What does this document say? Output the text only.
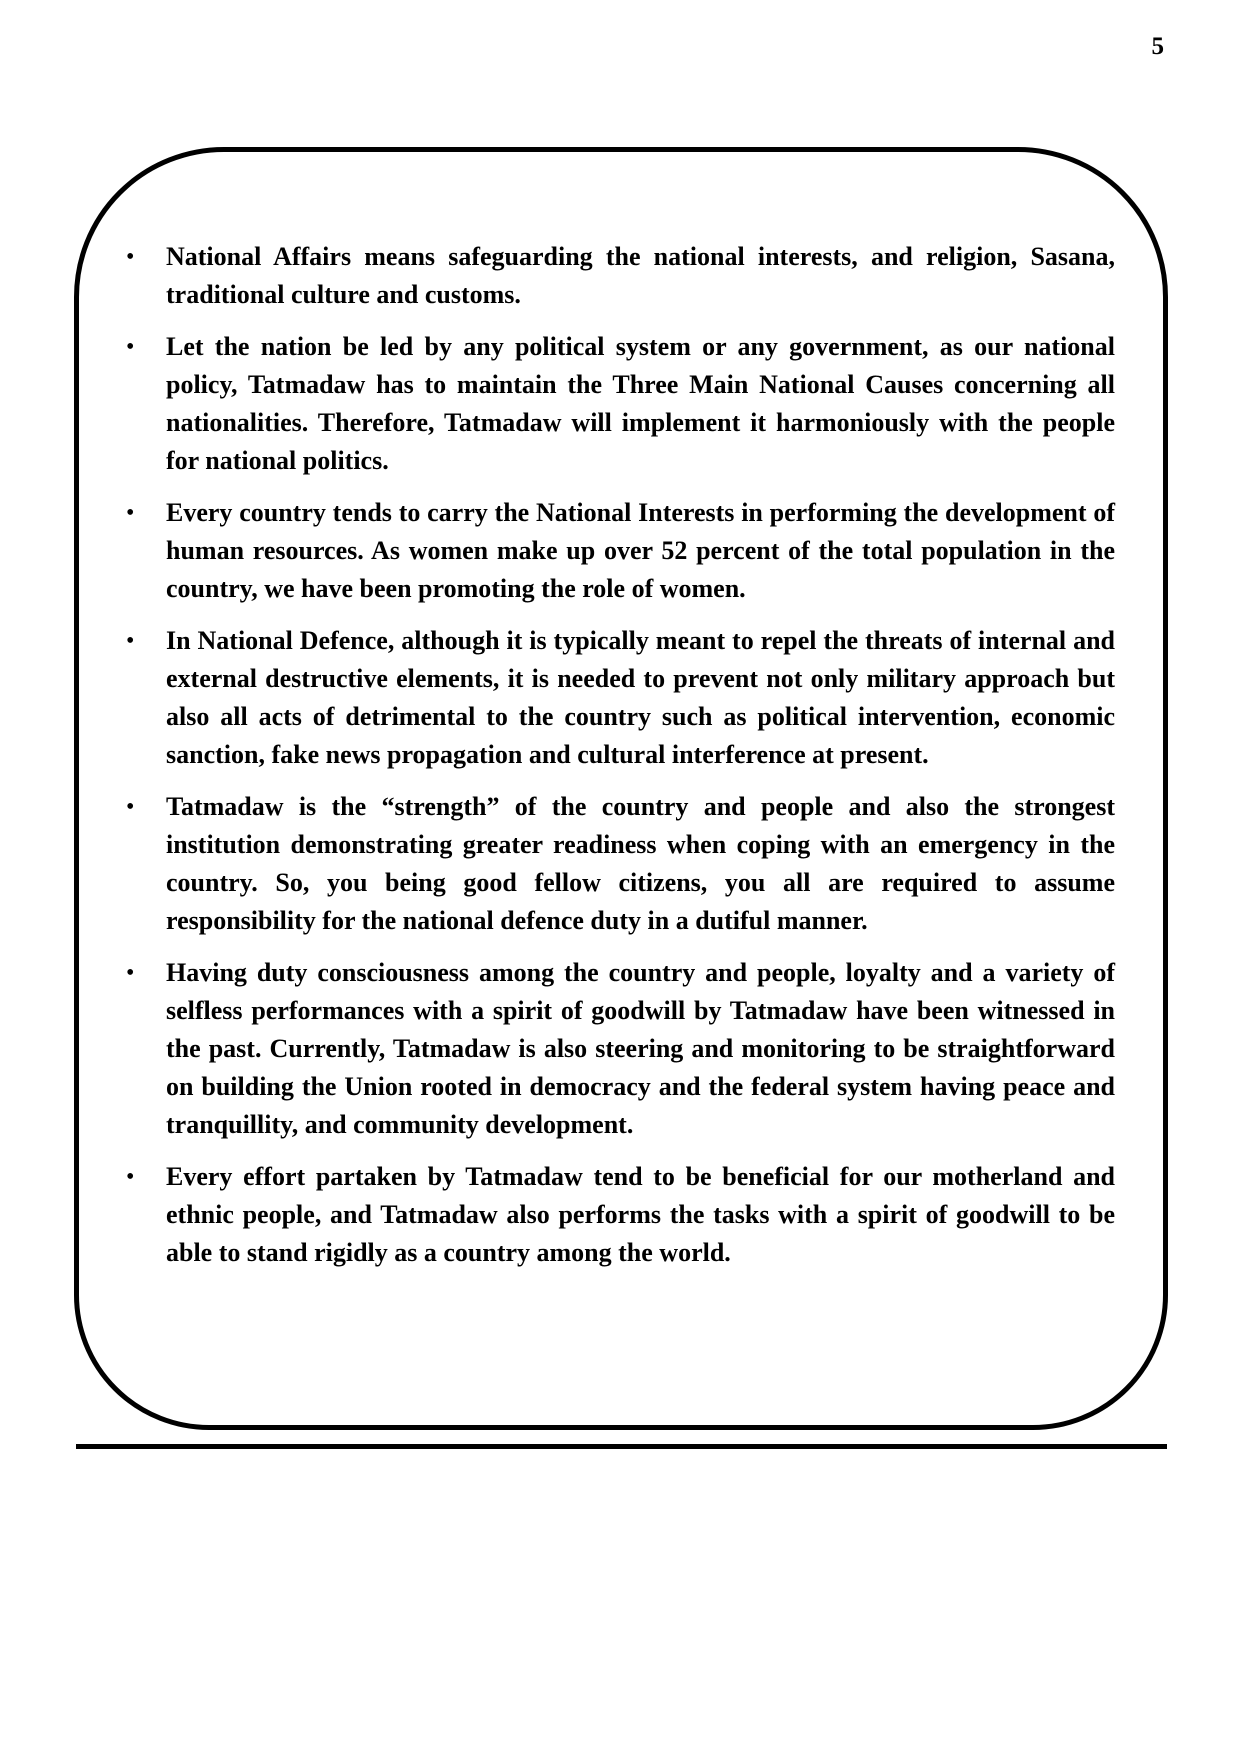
5
• National Affairs means safeguarding the national interests, and religion, Sasana, traditional culture and customs.
• Let the nation be led by any political system or any government, as our national policy, Tatmadaw has to maintain the Three Main National Causes concerning all nationalities. Therefore, Tatmadaw will implement it harmoniously with the people for national politics.
• Every country tends to carry the National Interests in performing the development of human resources. As women make up over 52 percent of the total population in the country, we have been promoting the role of women.
• In National Defence, although it is typically meant to repel the threats of internal and external destructive elements, it is needed to prevent not only military approach but also all acts of detrimental to the country such as political intervention, economic sanction, fake news propagation and cultural interference at present.
• Tatmadaw is the “strength” of the country and people and also the strongest institution demonstrating greater readiness when coping with an emergency in the country. So, you being good fellow citizens, you all are required to assume responsibility for the national defence duty in a dutiful manner.
• Having duty consciousness among the country and people, loyalty and a variety of selfless performances with a spirit of goodwill by Tatmadaw have been witnessed in the past. Currently, Tatmadaw is also steering and monitoring to be straightforward on building the Union rooted in democracy and the federal system having peace and tranquillity, and community development.
• Every effort partaken by Tatmadaw tend to be beneficial for our motherland and ethnic people, and Tatmadaw also performs the tasks with a spirit of goodwill to be able to stand rigidly as a country among the world.
